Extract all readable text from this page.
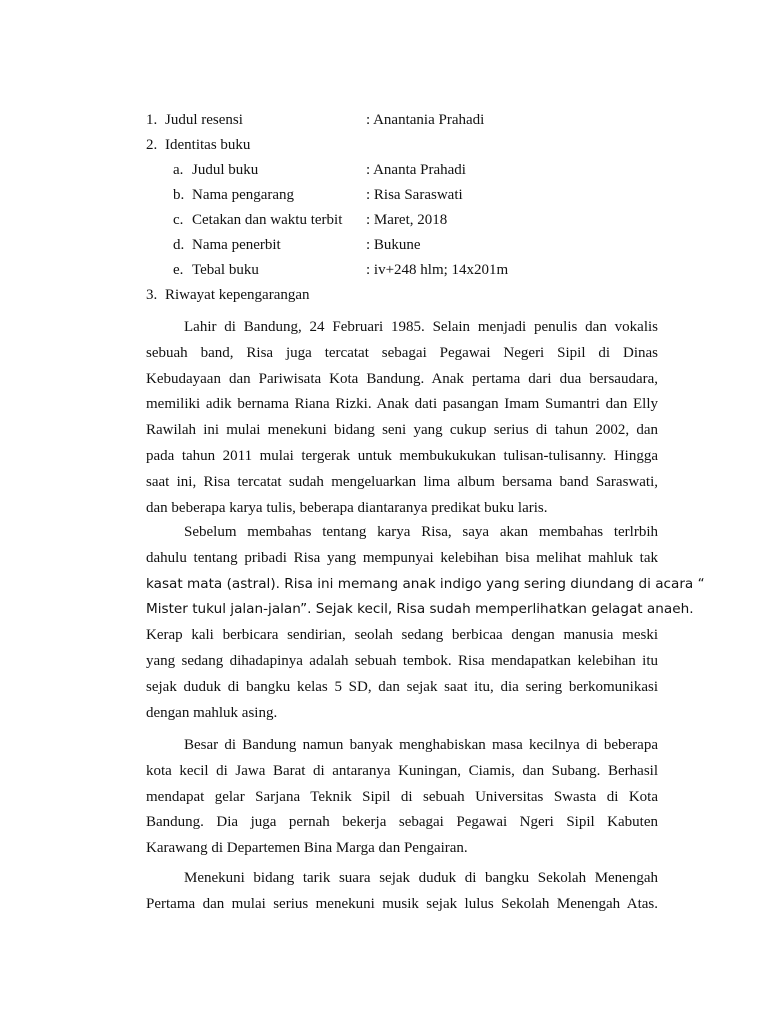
1. Judul resensi	: Anantania Prahadi
2. Identitas buku
a. Judul buku	: Ananta Prahadi
b. Nama pengarang	: Risa Saraswati
c. Cetakan dan waktu terbit : Maret, 2018
d. Nama penerbit	: Bukune
e. Tebal buku	: iv+248 hlm; 14x201m
3. Riwayat kepengarangan
Lahir di Bandung, 24 Februari 1985. Selain menjadi penulis dan vokalis
sebuah band, Risa juga tercatat sebagai Pegawai Negeri Sipil di Dinas
Kebudayaan dan Pariwisata Kota Bandung. Anak pertama dari dua bersaudara,
memiliki adik bernama Riana Rizki. Anak dati pasangan Imam Sumantri dan Elly
Rawilah ini mulai menekuni bidang seni yang cukup serius di tahun 2002, dan
pada tahun 2011 mulai tergerak untuk membukukukan tulisan-tulisanny. Hingga
saat ini, Risa tercatat sudah mengeluarkan lima album bersama band Saraswati,
dan beberapa karya tulis, beberapa diantaranya predikat buku laris.
Sebelum membahas tentang karya Risa, saya akan membahas terlrbih
dahulu tentang pribadi Risa yang mempunyai kelebihan bisa melihat mahluk tak
kasat mata (astral). Risa ini memang anak indigo yang sering diundang di acara “
Mister tukul jalan-jalan”. Sejak kecil, Risa sudah memperlihatkan gelagat anaeh.
Kerap kali berbicara sendirian, seolah sedang berbicaa dengan manusia meski
yang sedang dihadapinya adalah sebuah tembok. Risa mendapatkan kelebihan itu
sejak duduk di bangku kelas 5 SD, dan sejak saat itu, dia sering berkomunikasi
dengan mahluk asing.
Besar di Bandung namun banyak menghabiskan masa kecilnya di beberapa
kota kecil di Jawa Barat di antaranya Kuningan, Ciamis, dan Subang. Berhasil
mendapat gelar Sarjana Teknik Sipil di sebuah Universitas Swasta di Kota
Bandung. Dia juga pernah bekerja sebagai Pegawai Ngeri Sipil Kabuten
Karawang di Departemen Bina Marga dan Pengairan.
Menekuni bidang tarik suara sejak duduk di bangku Sekolah Menengah
Pertama dan mulai serius menekuni musik sejak lulus Sekolah Menengah Atas.
